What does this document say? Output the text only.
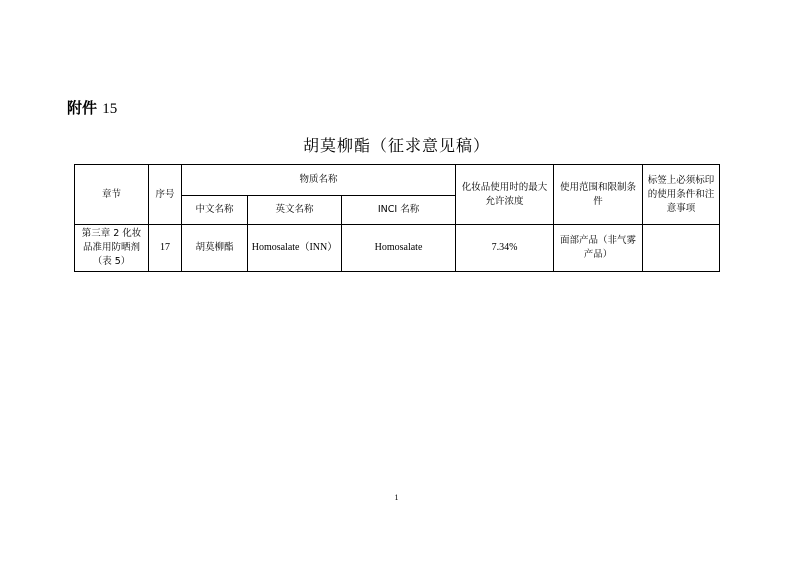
附件 15
胡莫柳酯（征求意见稿）
章节	序号	物质名称			化妆品使用时的最大允许浓度	使用范围和限制条件	标签上必须标印的使用条件和注意事项
		中文名称	英文名称	INCI 名称			
第三章 2 化妆品准用防晒剂（表 5）	17	胡莫柳酯	Homosalate（INN）	Homosalate	7.34%	面部产品（非气雾产品）	
1
